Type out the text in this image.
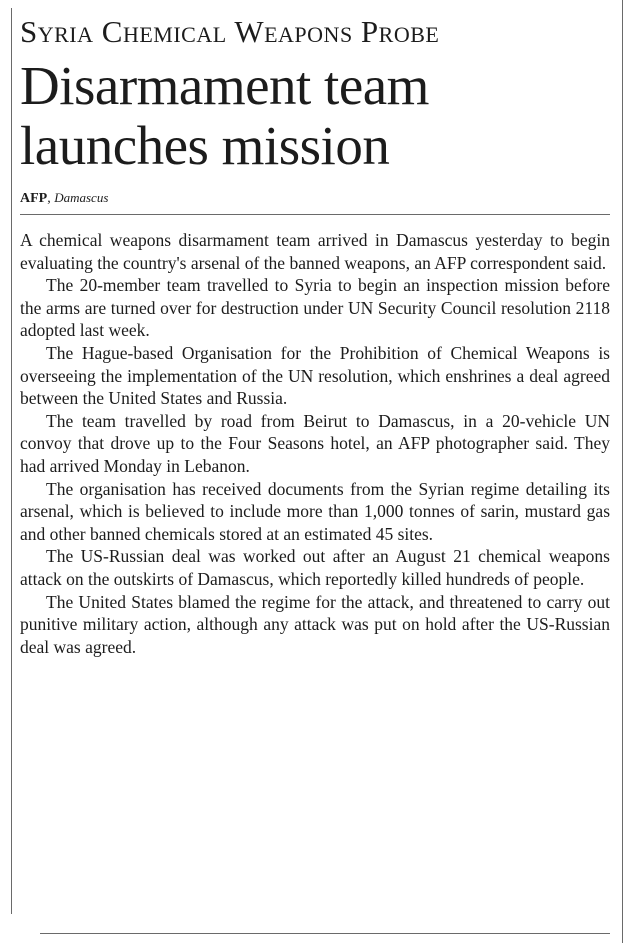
Syria Chemical Weapons Probe
Disarmament team launches mission
AFP, Damascus

A chemical weapons disarmament team arrived in Damascus yesterday to begin evaluating the country's arsenal of the banned weapons, an AFP correspondent said.

The 20-member team travelled to Syria to begin an inspection mission before the arms are turned over for destruction under UN Security Council resolution 2118 adopted last week.

The Hague-based Organisation for the Prohibition of Chemical Weapons is overseeing the implementation of the UN resolution, which enshrines a deal agreed between the United States and Russia.

The team travelled by road from Beirut to Damascus, in a 20-vehicle UN convoy that drove up to the Four Seasons hotel, an AFP photographer said. They had arrived Monday in Lebanon.

The organisation has received documents from the Syrian regime detailing its arsenal, which is believed to include more than 1,000 tonnes of sarin, mustard gas and other banned chemicals stored at an estimated 45 sites.

The US-Russian deal was worked out after an August 21 chemical weapons attack on the outskirts of Damascus, which reportedly killed hundreds of people.

The United States blamed the regime for the attack, and threatened to carry out punitive military action, although any attack was put on hold after the US-Russian deal was agreed.
